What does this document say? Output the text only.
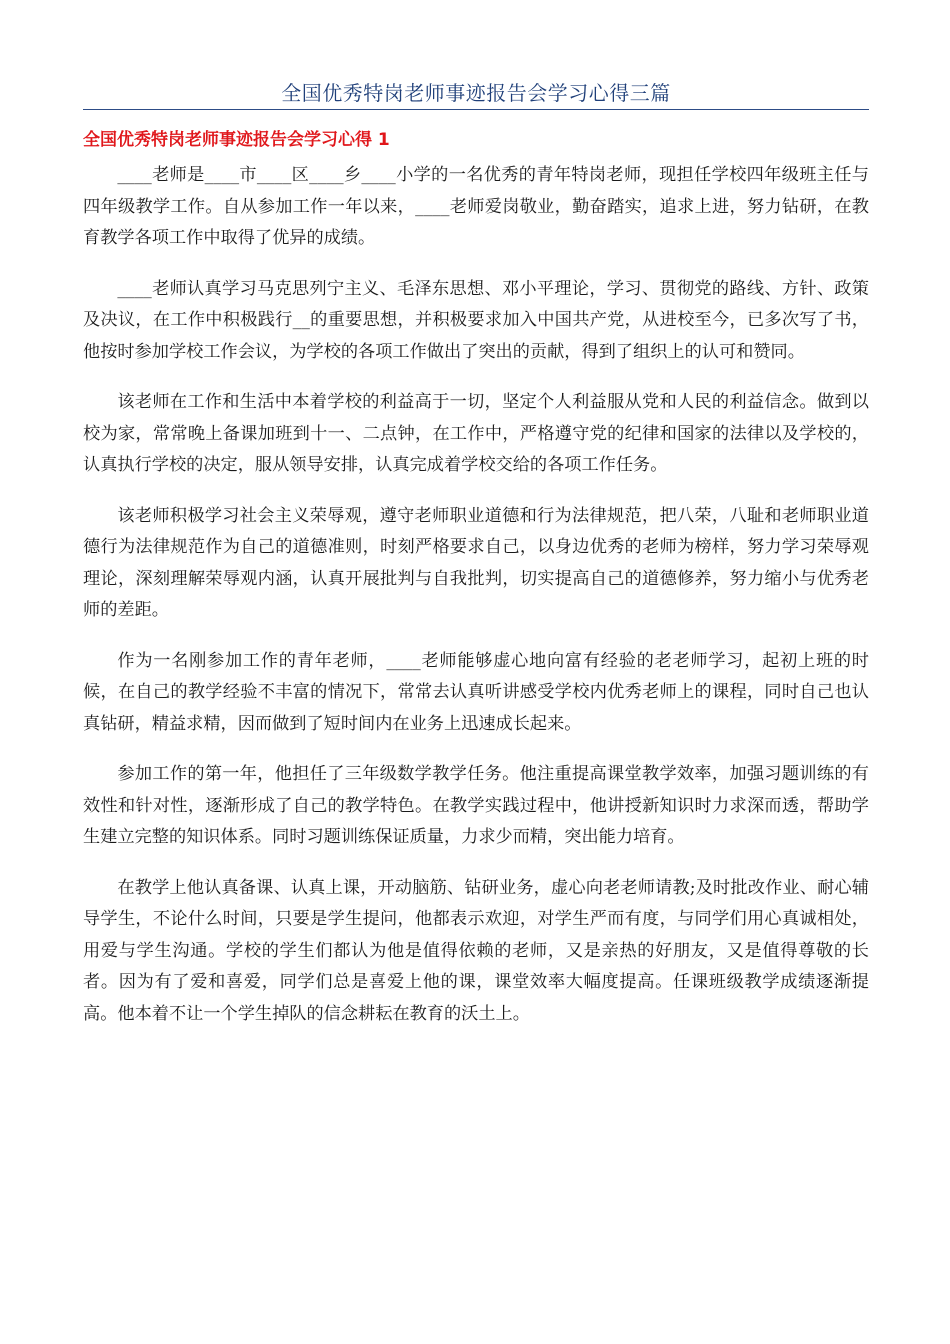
全国优秀特岗老师事迹报告会学习心得三篇
全国优秀特岗老师事迹报告会学习心得 1

____老师是____市____区____乡____小学的一名优秀的青年特岗老师，现担任学校四年级班主任与四年级教学工作。自从参加工作一年以来，____老师爱岗敬业，勤奋踏实，追求上进，努力钻研，在教育教学各项工作中取得了优异的成绩。

____老师认真学习马克思列宁主义、毛泽东思想、邓小平理论，学习、贯彻党的路线、方针、政策及决议，在工作中积极践行__的重要思想，并积极要求加入中国共产党，从进校至今，已多次写了书，他按时参加学校工作会议，为学校的各项工作做出了突出的贡献，得到了组织上的认可和赞同。

该老师在工作和生活中本着学校的利益高于一切，坚定个人利益服从党和人民的利益信念。做到以校为家，常常晚上备课加班到十一、二点钟，在工作中，严格遵守党的纪律和国家的法律以及学校的，认真执行学校的决定，服从领导安排，认真完成着学校交给的各项工作任务。

该老师积极学习社会主义荣辱观，遵守老师职业道德和行为法律规范，把八荣，八耻和老师职业道德行为法律规范作为自己的道德准则，时刻严格要求自己，以身边优秀的老师为榜样，努力学习荣辱观理论，深刻理解荣辱观内涵，认真开展批判与自我批判，切实提高自己的道德修养，努力缩小与优秀老师的差距。

作为一名刚参加工作的青年老师，____老师能够虚心地向富有经验的老老师学习，起初上班的时候，在自己的教学经验不丰富的情况下，常常去认真听讲感受学校内优秀老师上的课程，同时自己也认真钻研，精益求精，因而做到了短时间内在业务上迅速成长起来。

参加工作的第一年，他担任了三年级数学教学任务。他注重提高课堂教学效率，加强习题训练的有效性和针对性，逐渐形成了自己的教学特色。在教学实践过程中，他讲授新知识时力求深而透，帮助学生建立完整的知识体系。同时习题训练保证质量，力求少而精，突出能力培育。

在教学上他认真备课、认真上课，开动脑筋、钻研业务，虚心向老老师请教;及时批改作业、耐心辅导学生，不论什么时间，只要是学生提问，他都表示欢迎，对学生严而有度，与同学们用心真诚相处，用爱与学生沟通。学校的学生们都认为他是值得依赖的老师，又是亲热的好朋友，又是值得尊敬的长者。因为有了爱和喜爱，同学们总是喜爱上他的课，课堂效率大幅度提高。任课班级教学成绩逐渐提高。他本着不让一个学生掉队的信念耕耘在教育的沃土上。
